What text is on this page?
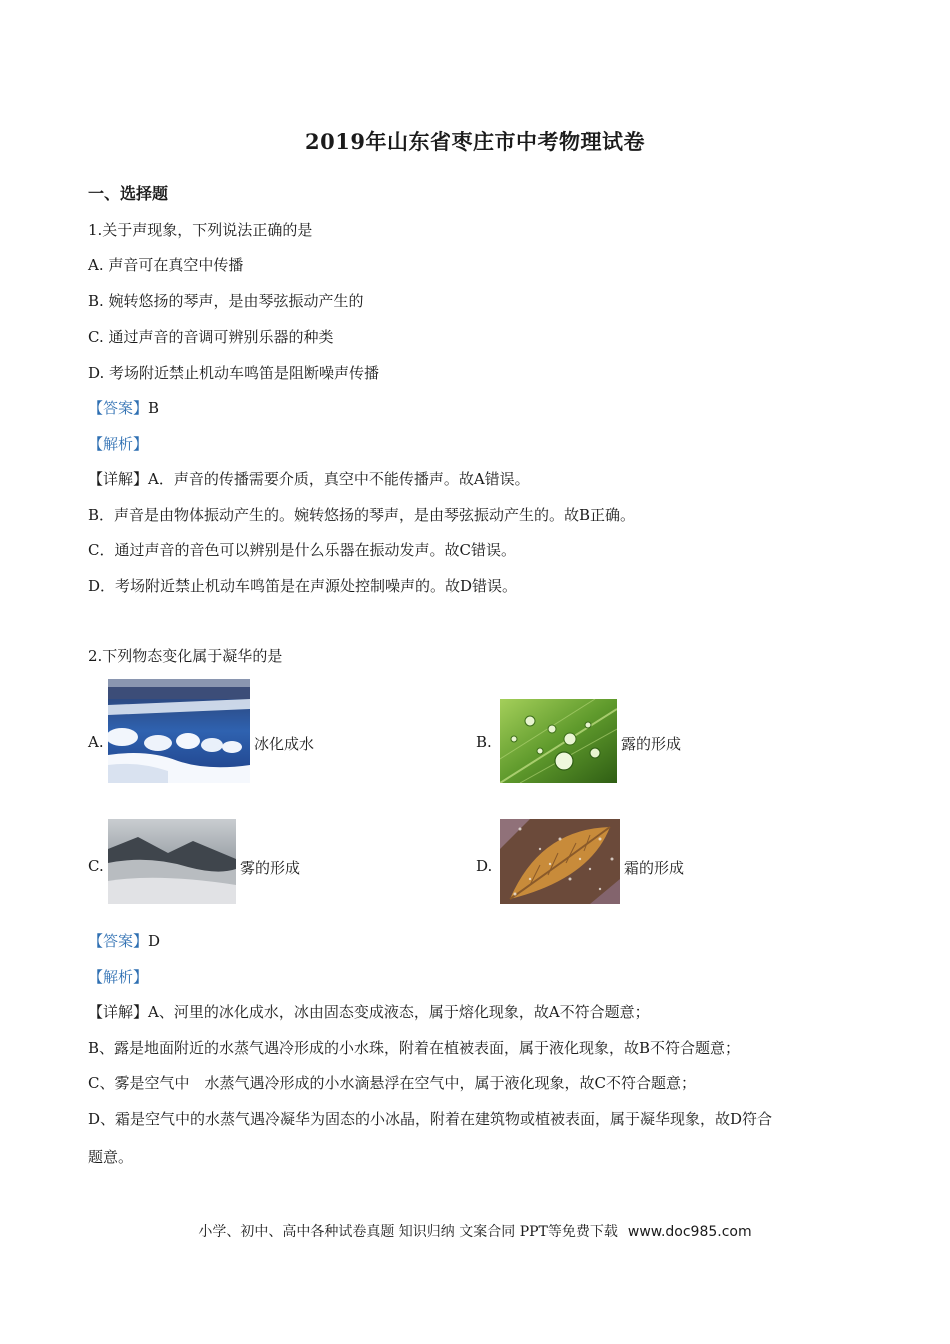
2019年山东省枣庄市中考物理试卷
一、选择题
1.关于声现象，下列说法正确的是
A. 声音可在真空中传播
B. 婉转悠扬的琴声，是由琴弦振动产生的
C. 通过声音的音调可辨别乐器的种类
D. 考场附近禁止机动车鸣笛是阻断噪声传播
【答案】B
【解析】
【详解】A．声音的传播需要介质，真空中不能传播声。故A错误。
B．声音是由物体振动产生的。婉转悠扬的琴声，是由琴弦振动产生的。故B正确。
C．通过声音的音色可以辨别是什么乐器在振动发声。故C错误。
D．考场附近禁止机动车鸣笛是在声源处控制噪声的。故D错误。
2.下列物态变化属于凝华的是
A.	冰化成水	B.	露的形成
C.	雾的形成	D.	霜的形成
【答案】D
【解析】
【详解】A、河里的冰化成水，冰由固态变成液态，属于熔化现象，故A不符合题意；
B、露是地面附近的水蒸气遇冷形成的小水珠，附着在植被表面，属于液化现象，故B不符合题意；
C、雾是空气中　水蒸气遇冷形成的小水滴悬浮在空气中，属于液化现象，故C不符合题意；
D、霜是空气中的水蒸气遇冷凝华为固态的小冰晶，附着在建筑物或植被表面，属于凝华现象，故D符合
题意。
小学、初中、高中各种试卷真题 知识归纳 文案合同 PPT等免费下载 www.doc985.com
